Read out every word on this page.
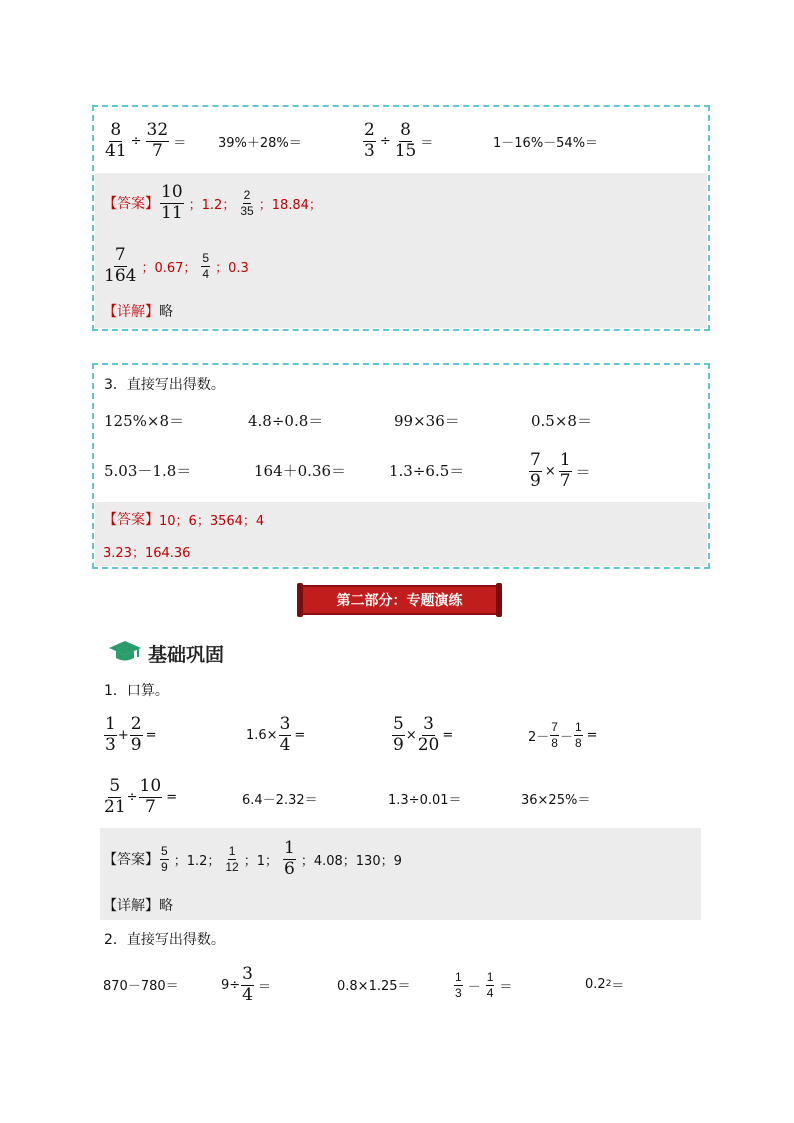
$\frac{8}{41} \div \frac{32}{7} = 39\%+28\%=$	$\frac{2}{3} \div \frac{8}{15}$ ＝	1－16%－54%＝
【答案】 $\frac{10}{11}$ ；1.2； $\frac{2}{35}$ ；18.84；
$\frac{7}{164}$ ；0.67； $\frac{5}{4}$ ；0.3
【详解】 略
3．直接写出得数。
125%×8＝	4.8÷0.8＝	99×36＝	0.5×8＝
5.03－1.8＝	164＋0.36＝	1.3÷6.5＝	$\frac{7}{9} \times \frac{1}{7}$ ＝
【答案】 10；6；3564；4
3.23；164.36
第二部分：专题演练
基础巩固
1．口算。
$\frac{1}{3} + \frac{2}{9}$ =	$1.6\times \frac{3}{4}$ =	$\frac{5}{9} \times \frac{3}{20}$ =	$2- \frac{7}{8} - \frac{1}{8}$ =
$\frac{5}{21} \div \frac{10}{7}$ =	6.4－2.32＝	1.3÷0.01＝	36×25%＝
【答案】 $\frac{5}{9}$ ；1.2； $\frac{1}{12}$ ；1； $\frac{1}{6}$ ；4.08；130；9
【详解】 略
2．直接写出得数。
870－780＝	$9\div \frac{3}{4}$ ＝	0.8×1.25＝	$\frac{1}{3} - \frac{1}{4}$ ＝	0.2 2 ＝
